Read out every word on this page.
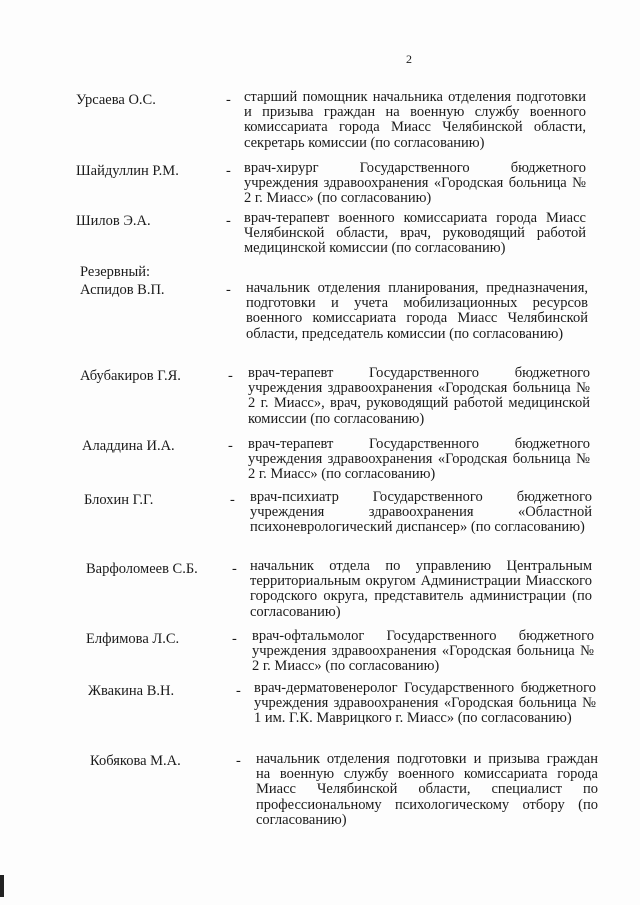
2
Урсаева О.С.	- старший помощник начальника отделения подготовки и призыва граждан на военную службу военного комиссариата города Миасс Челябинской области, секретарь комиссии (по согласованию)
Шайдуллин Р.М.	- врач-хирург Государственного бюджетного учреждения здравоохранения «Городская больница № 2 г. Миасс» (по согласованию)
Шилов Э.А.	- врач-терапевт военного комиссариата города Миасс Челябинской области, врач, руководящий работой медицинской комиссии (по согласованию)
Резервный:
Аспидов В.П.	- начальник отделения планирования, предназначения, подготовки и учета мобилизационных ресурсов военного комиссариата города Миасс Челябинской области, председатель комиссии (по согласованию)
Абубакиров Г.Я.	- врач-терапевт Государственного бюджетного учреждения здравоохранения «Городская больница № 2 г. Миасс», врач, руководящий работой медицинской комиссии (по согласованию)
Аладдина И.А.	- врач-терапевт Государственного бюджетного учреждения здравоохранения «Городская больница № 2 г. Миасс» (по согласованию)
Блохин Г.Г.	- врач-психиатр Государственного бюджетного учреждения здравоохранения «Областной психоневрологический диспансер» (по согласованию)
Варфоломеев С.Б. - начальник отдела по управлению Центральным территориальным округом Администрации Миасского городского округа, представитель администрации (по согласованию)
Елфимова Л.С.	- врач-офтальмолог Государственного бюджетного учреждения здравоохранения «Городская больница № 2 г. Миасс» (по согласованию)
Жвакина В.Н.	- врач-дерматовенеролог Государственного бюджетного учреждения здравоохранения «Городская больница № 1 им. Г.К. Маврицкого г. Миасс» (по согласованию)
Кобякова М.А.	- начальник отделения подготовки и призыва граждан на военную службу военного комиссариата города Миасс Челябинской области, специалист по профессиональному психологическому отбору (по согласованию)
